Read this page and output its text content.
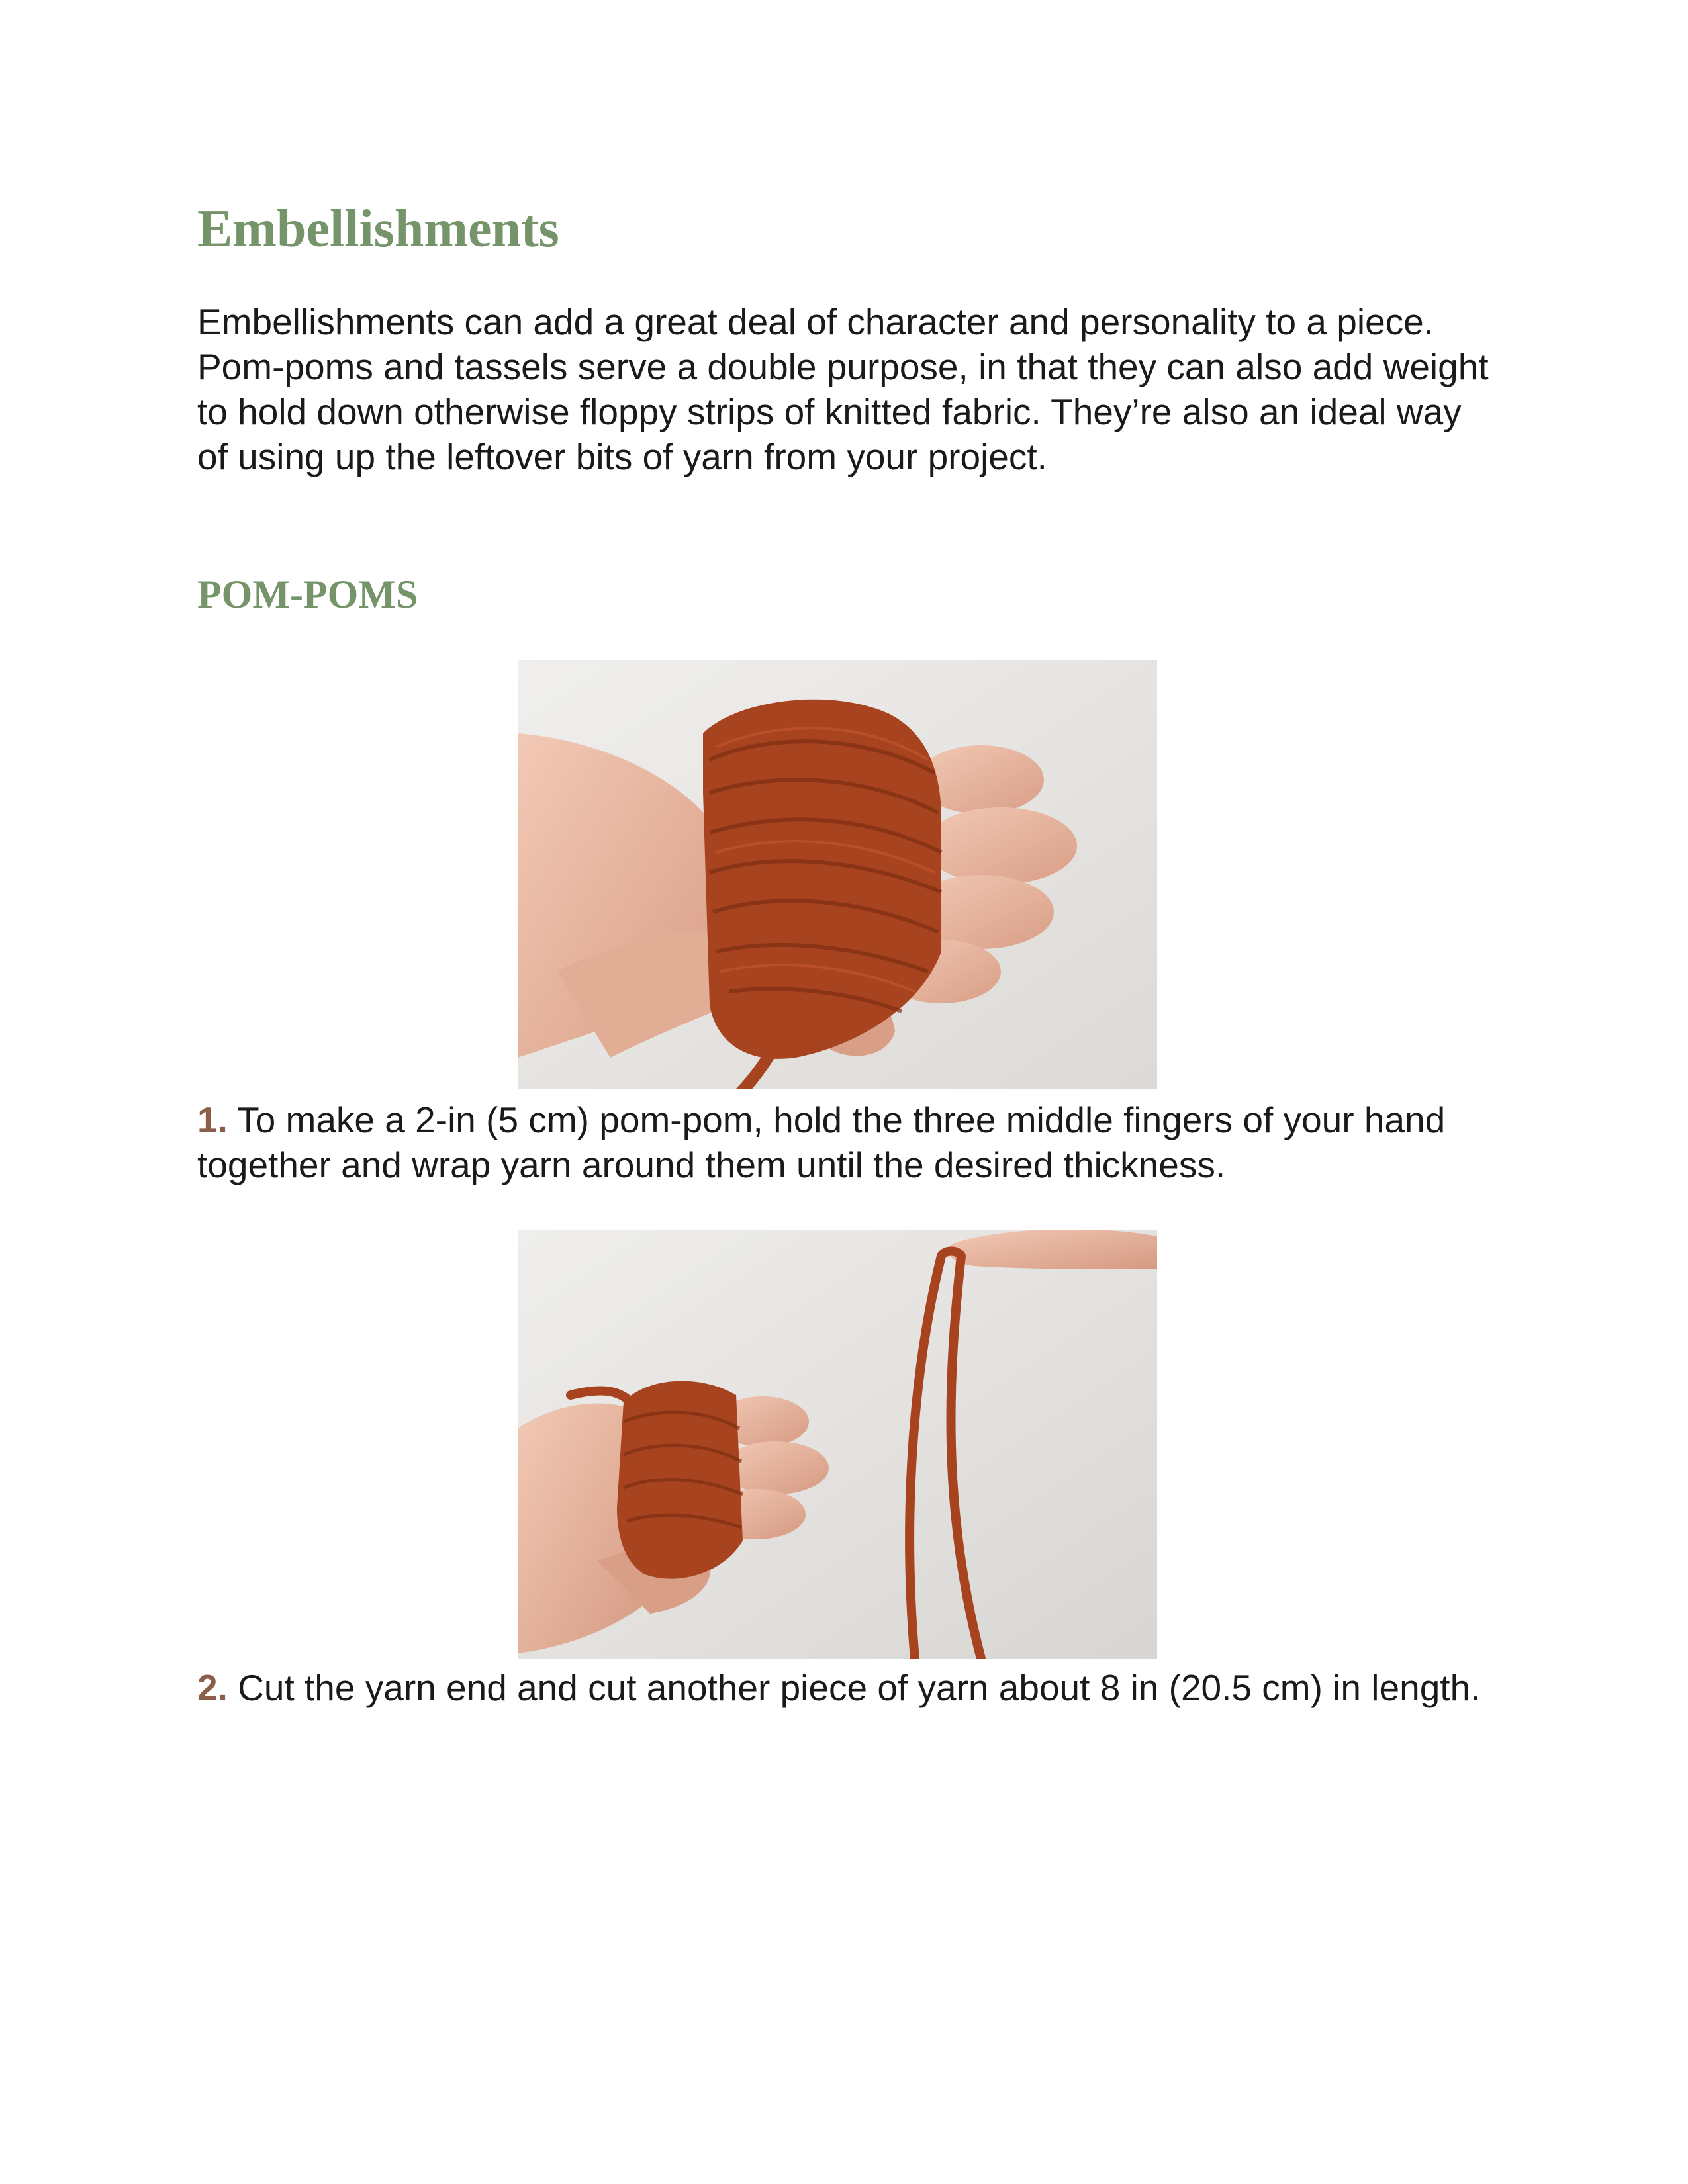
Embellishments

Embellishments can add a great deal of character and personality to a piece. Pom-poms and tassels serve a double purpose, in that they can also add weight to hold down otherwise floppy strips of knitted fabric. They’re also an ideal way of using up the leftover bits of yarn from your project.

POM-POMS

1. To make a 2-in (5 cm) pom-pom, hold the three middle fingers of your hand together and wrap yarn around them until the desired thickness.

2. Cut the yarn end and cut another piece of yarn about 8 in (20.5 cm) in length.
